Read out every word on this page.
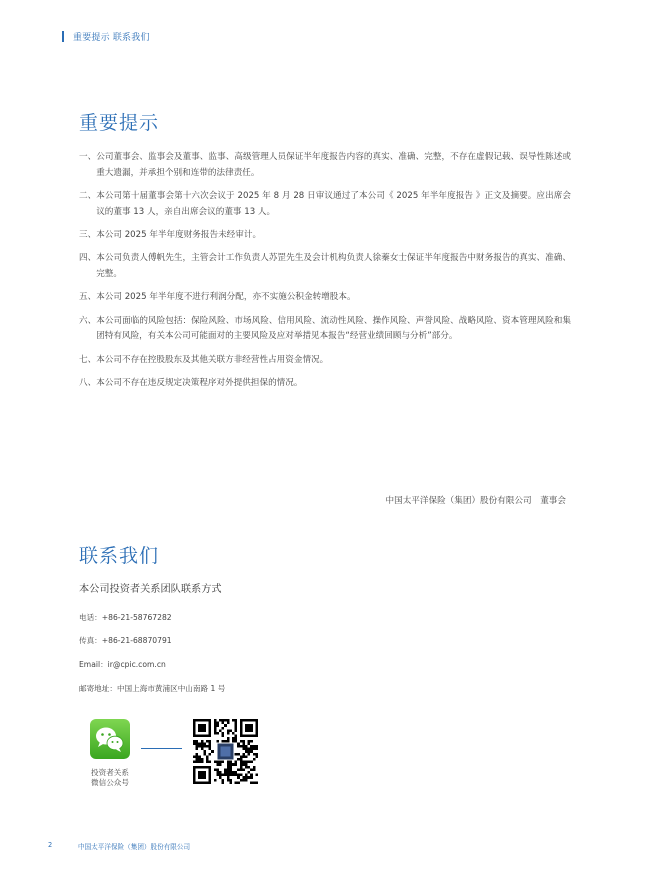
重要提示 联系我们
重要提示
一、 公司董事会、监事会及董事、监事、高级管理人员保证半年度报告内容的真实、准确、完整，不存在虚假记载、误导性陈述或重大遗漏，并承担个别和连带的法律责任。
二、 本公司第十届董事会第十六次会议于 2025 年 8 月 28 日审议通过了本公司《 2025 年半年度报告 》正文及摘要。应出席会议的董事 13 人，亲自出席会议的董事 13 人。
三、 本公司 2025 年半年度财务报告未经审计。
四、 本公司负责人傅帆先生，主管会计工作负责人苏罡先生及会计机构负责人徐蓁女士保证半年度报告中财务报告的真实、准确、完整。
五、 本公司 2025 年半年度不进行利润分配，亦不实施公积金转增股本。
六、 本公司面临的风险包括：保险风险、市场风险、信用风险、流动性风险、操作风险、声誉风险、战略风险、资本管理风险和集团特有风险，有关本公司可能面对的主要风险及应对举措见本报告“经营业绩回顾与分析”部分。
七、 本公司不存在控股股东及其他关联方非经营性占用资金情况。
八、 本公司不存在违反规定决策程序对外提供担保的情况。
中国太平洋保险（集团）股份有限公司　董事会
联系我们
本公司投资者关系团队联系方式
电话：+86-21-58767282
传真：+86-21-68870791
Email：ir@cpic.com.cn
邮寄地址：中国上海市黄浦区中山南路 1 号
投资者关系
微信公众号
2	中国太平洋保险（集团）股份有限公司
